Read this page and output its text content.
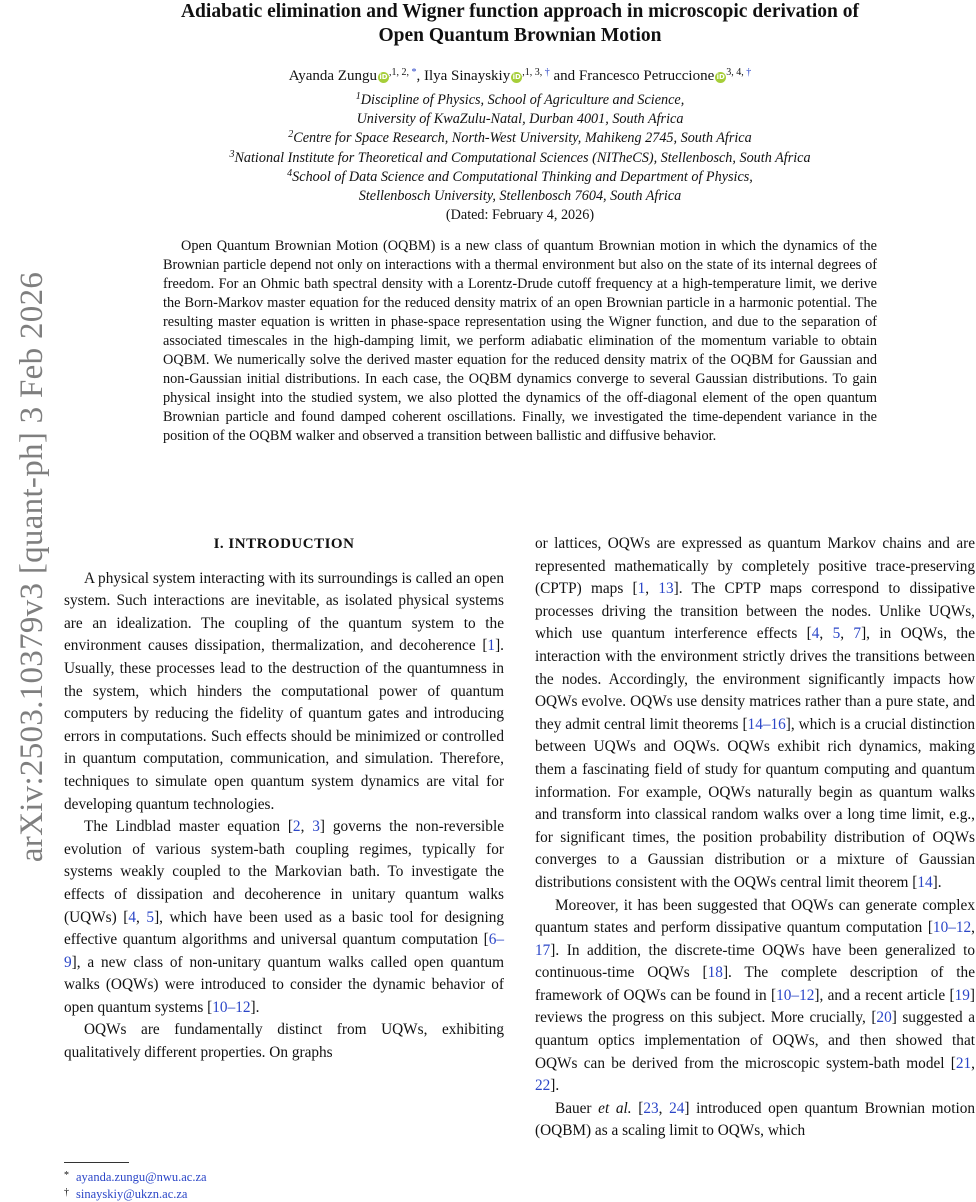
arXiv:2503.10379v3 [quant-ph] 3 Feb 2026
Adiabatic elimination and Wigner function approach in microscopic derivation of
Open Quantum Brownian Motion
Ayanda Zungu $iD^{,1, 2,}$ *, Ilya Sinayskiy $iD^{,1, 3,}$ † and Francesco Petruccione $iD^{3, 4,}$ †
$^1$Discipline of Physics, School of Agriculture and Science,
University of KwaZulu-Natal, Durban 4001, South Africa
$^2$Centre for Space Research, North-West University, Mahikeng 2745, South Africa
$^3$National Institute for Theoretical and Computational Sciences (NITheCS), Stellenbosch, South Africa
$^4$School of Data Science and Computational Thinking and Department of Physics,
Stellenbosch University, Stellenbosch 7604, South Africa
(Dated: February 4, 2026)
Open Quantum Brownian Motion (OQBM) is a new class of quantum Brownian motion in which the dynamics of the Brownian particle depend not only on interactions with a thermal environment but also on the state of its internal degrees of freedom. For an Ohmic bath spectral density with a Lorentz-Drude cutoff frequency at a high-temperature limit, we derive the Born-Markov master equation for the reduced density matrix of an open Brownian particle in a harmonic potential. The resulting master equation is written in phase-space representation using the Wigner function, and due to the separation of associated timescales in the high-damping limit, we perform adiabatic elimination of the momentum variable to obtain OQBM. We numerically solve the derived master equation for the reduced density matrix of the OQBM for Gaussian and non-Gaussian initial distributions. In each case, the OQBM dynamics converge to several Gaussian distributions. To gain physical insight into the studied system, we also plotted the dynamics of the off-diagonal element of the open quantum Brownian particle and found damped coherent oscillations. Finally, we investigated the time-dependent variance in the position of the OQBM walker and observed a transition between ballistic and diffusive behavior.
I. INTRODUCTION

A physical system interacting with its surroundings is called an open system. Such interactions are inevitable, as isolated physical systems are an idealization. The coupling of the quantum system to the environment causes dissipation, thermalization, and decoherence [1]. Usually, these processes lead to the destruction of the quantumness in the system, which hinders the computational power of quantum computers by reducing the fidelity of quantum gates and introducing errors in computations. Such effects should be minimized or controlled in quantum computation, communication, and simulation. Therefore, techniques to simulate open quantum system dynamics are vital for developing quantum technologies.

The Lindblad master equation [2, 3] governs the non-reversible evolution of various system-bath coupling regimes, typically for systems weakly coupled to the Markovian bath. To investigate the effects of dissipation and decoherence in unitary quantum walks (UQWs) [4, 5], which have been used as a basic tool for designing effective quantum algorithms and universal quantum computation [6–9], a new class of non-unitary quantum walks called open quantum walks (OQWs) were introduced to consider the dynamic behavior of open quantum systems [10–12].

OQWs are fundamentally distinct from UQWs, exhibiting qualitatively different properties. On graphs

or lattices, OQWs are expressed as quantum Markov chains and are represented mathematically by completely positive trace-preserving (CPTP) maps [1, 13]. The CPTP maps correspond to dissipative processes driving the transition between the nodes. Unlike UQWs, which use quantum interference effects [4, 5, 7], in OQWs, the interaction with the environment strictly drives the transitions between the nodes. Accordingly, the environment significantly impacts how OQWs evolve. OQWs use density matrices rather than a pure state, and they admit central limit theorems [14–16], which is a crucial distinction between UQWs and OQWs. OQWs exhibit rich dynamics, making them a fascinating field of study for quantum computing and quantum information. For example, OQWs naturally begin as quantum walks and transform into classical random walks over a long time limit, e.g., for significant times, the position probability distribution of OQWs converges to a Gaussian distribution or a mixture of Gaussian distributions consistent with the OQWs central limit theorem [14].

Moreover, it has been suggested that OQWs can generate complex quantum states and perform dissipative quantum computation [10–12, 17]. In addition, the discrete-time OQWs have been generalized to continuous-time OQWs [18]. The complete description of the framework of OQWs can be found in [10–12], and a recent article [19] reviews the progress on this subject. More crucially, [20] suggested a quantum optics implementation of OQWs, and then showed that OQWs can be derived from the microscopic system-bath model [21, 22].

Bauer et al. [23, 24] introduced open quantum Brownian motion (OQBM) as a scaling limit to OQWs, which

* ayanda.zungu@nwu.ac.za
† sinayskiy@ukzn.ac.za
